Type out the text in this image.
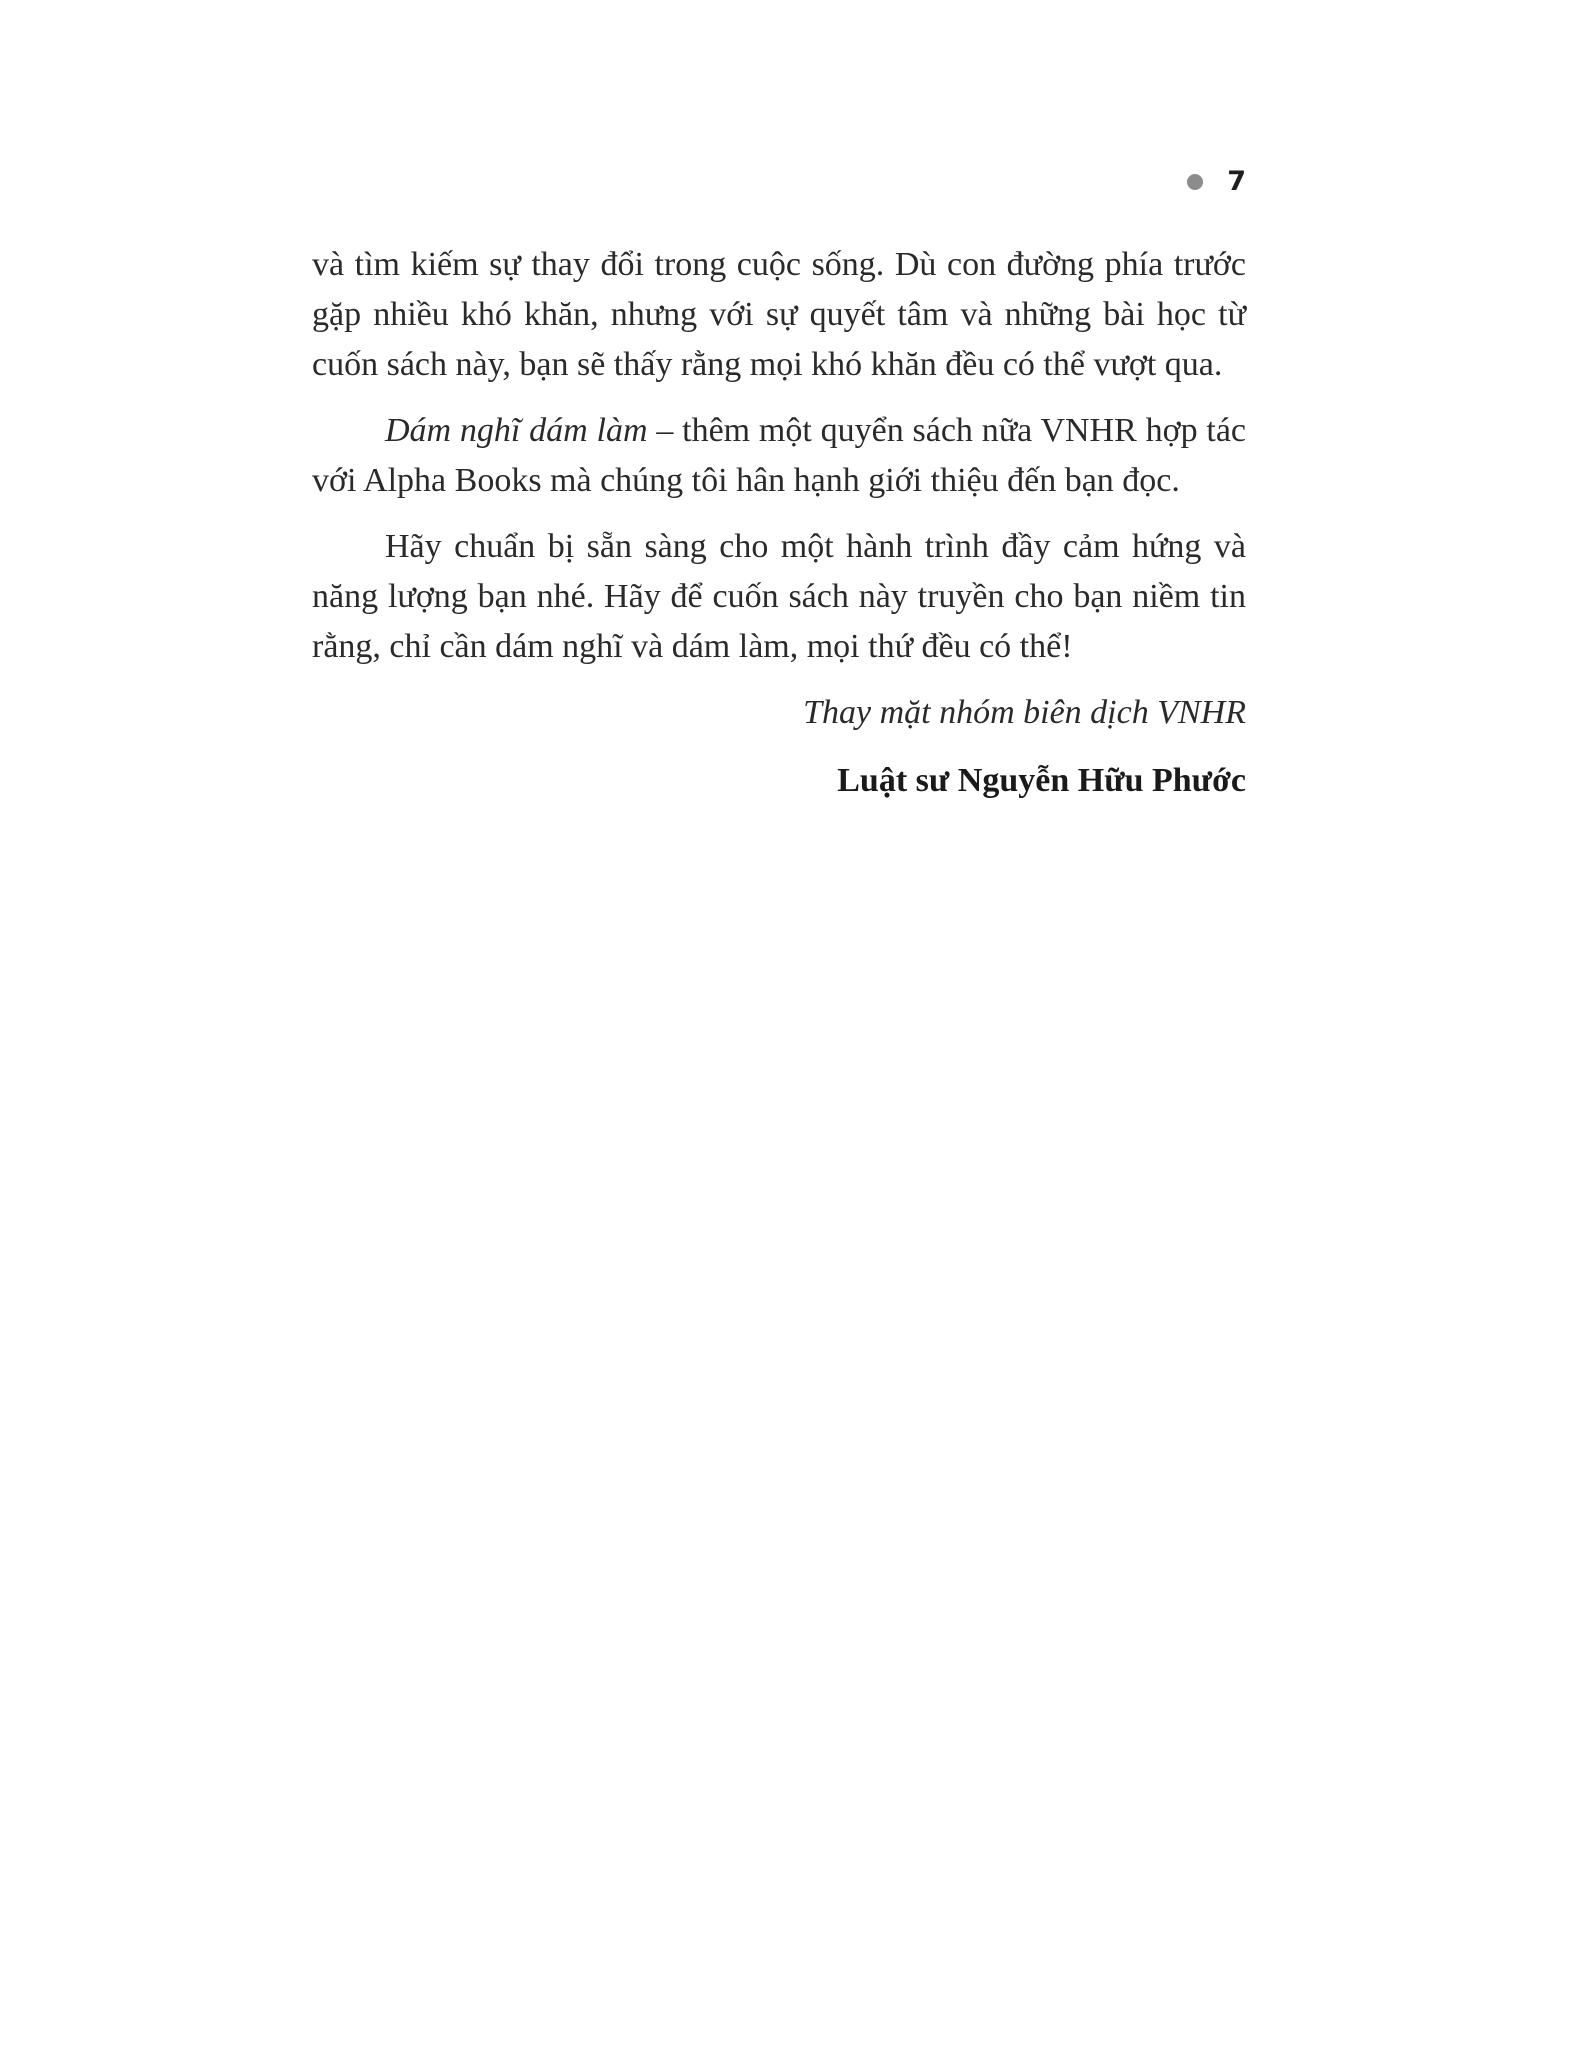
7

và tìm kiếm sự thay đổi trong cuộc sống. Dù con đường phía trước gặp nhiều khó khăn, nhưng với sự quyết tâm và những bài học từ cuốn sách này, bạn sẽ thấy rằng mọi khó khăn đều có thể vượt qua.

Dám nghĩ dám làm – thêm một quyển sách nữa VNHR hợp tác với Alpha Books mà chúng tôi hân hạnh giới thiệu đến bạn đọc.

Hãy chuẩn bị sẵn sàng cho một hành trình đầy cảm hứng và năng lượng bạn nhé. Hãy để cuốn sách này truyền cho bạn niềm tin rằng, chỉ cần dám nghĩ và dám làm, mọi thứ đều có thể!

Thay mặt nhóm biên dịch VNHR

Luật sư Nguyễn Hữu Phước
